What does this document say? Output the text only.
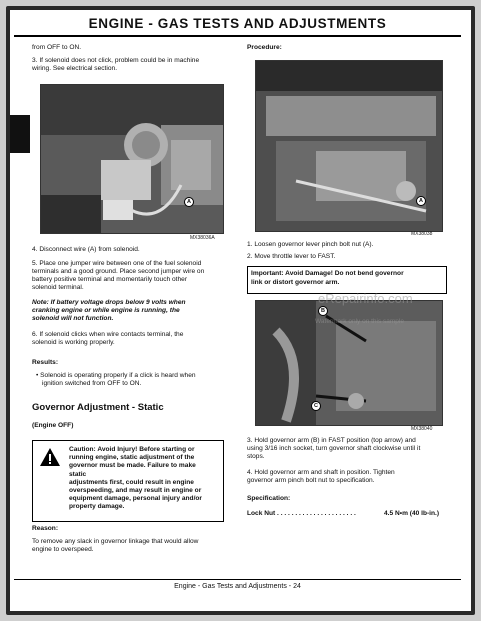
ENGINE - GAS TESTS AND ADJUSTMENTS
from OFF to ON.
3. If solenoid does not click, problem could be in machine
wiring. See electrical section.
A
MX38036A
4. Disconnect wire (A) from solenoid.
5. Place one jumper wire between one of the fuel solenoid
terminals and a good ground. Place second jumper wire on
battery positive terminal and momentarily touch other
solenoid terminal.
Note: If battery voltage drops below 9 volts when
cranking engine or while engine is running, the
solenoid will not function.
6. If solenoid clicks when wire contacts terminal, the
solenoid is working properly.
Results:
• Solenoid is operating properly if a click is heard when
ignition switched from OFF to ON.
Governor Adjustment - Static
(Engine OFF)
Caution: Avoid Injury! Before starting or
running engine, static adjustment of the
governor must be made. Failure to make static
adjustments first, could result in engine
overspeeding, and may result in engine or
equipment damage, personal injury and/or
property damage.
Reason:
To remove any slack in governor linkage that would allow
engine to overspeed.
Procedure:
A
MX38038
1. Loosen governor lever pinch bolt nut (A).
2. Move throttle lever to FAST.
Important: Avoid Damage! Do not bend governor
link or distort governor arm.
B
C
MX38040
3. Hold governor arm (B) in FAST position (top arrow) and
using 3/16 inch socket, turn governor shaft clockwise until it
stops.
4. Hold governor arm and shaft in position. Tighten
governor arm pinch bolt nut to specification.
Specification:
Lock Nut . . . . . . . . . . . . . . . . . . . . . .	4.5 N•m (40 lb-in.)
eRepairinfo.com
Watermark only on this sample
Engine - Gas Tests and Adjustments - 24
